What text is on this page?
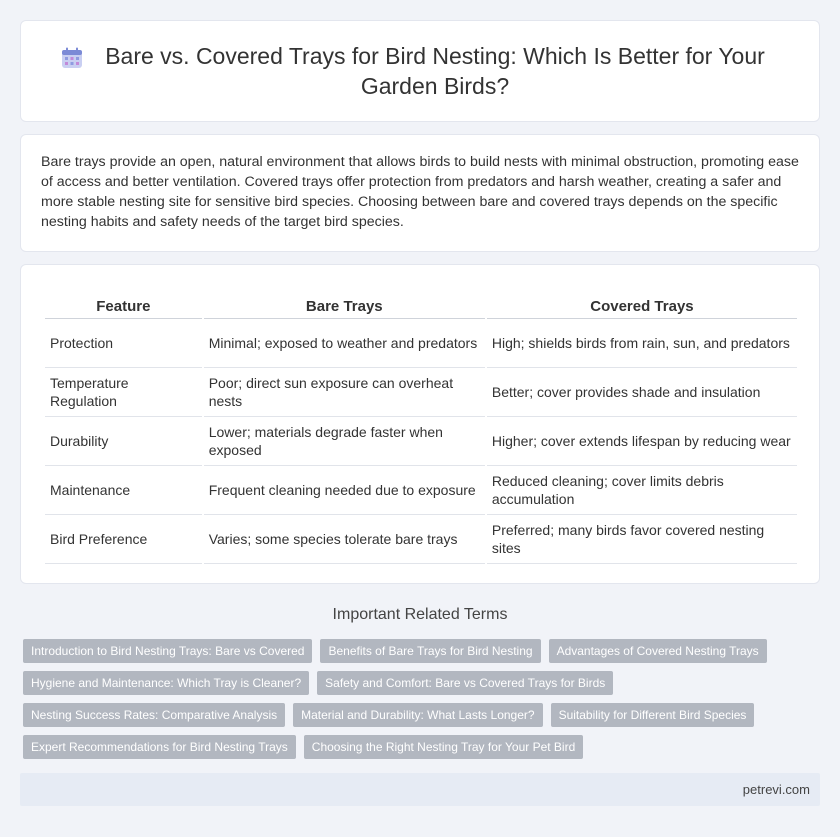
Bare vs. Covered Trays for Bird Nesting: Which Is Better for Your Garden Birds?

Bare trays provide an open, natural environment that allows birds to build nests with minimal obstruction, promoting ease of access and better ventilation. Covered trays offer protection from predators and harsh weather, creating a safer and more stable nesting site for sensitive bird species. Choosing between bare and covered trays depends on the specific nesting habits and safety needs of the target bird species.

Feature	Bare Trays	Covered Trays
Protection	Minimal; exposed to weather and predators	High; shields birds from rain, sun, and predators
Temperature Regulation	Poor; direct sun exposure can overheat nests	Better; cover provides shade and insulation
Durability	Lower; materials degrade faster when exposed	Higher; cover extends lifespan by reducing wear
Maintenance	Frequent cleaning needed due to exposure	Reduced cleaning; cover limits debris accumulation
Bird Preference	Varies; some species tolerate bare trays	Preferred; many birds favor covered nesting sites
Important Related Terms
Introduction to Bird Nesting Trays: Bare vs Covered	Benefits of Bare Trays for Bird Nesting	Advantages of Covered Nesting Trays
Hygiene and Maintenance: Which Tray is Cleaner?	Safety and Comfort: Bare vs Covered Trays for Birds
Nesting Success Rates: Comparative Analysis	Material and Durability: What Lasts Longer?	Suitability for Different Bird Species
Expert Recommendations for Bird Nesting Trays	Choosing the Right Nesting Tray for Your Pet Bird
petrevi.com
